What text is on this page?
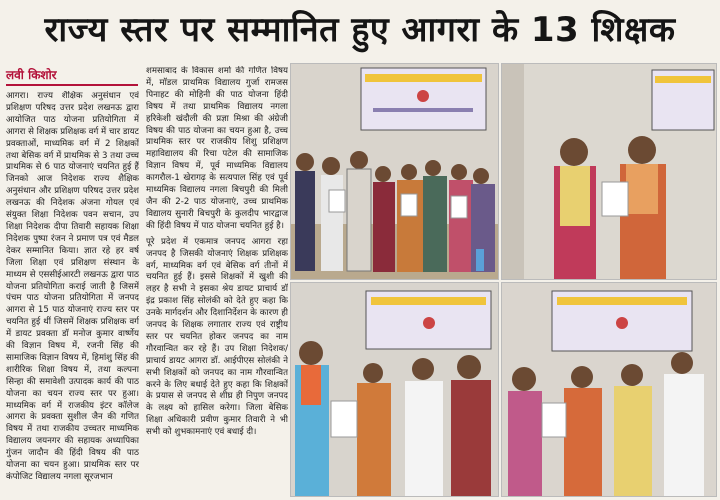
राज्य स्तर पर सम्मानित हुए आगरा के 13 शिक्षक
लवी किशोर

आगरा। राज्य शैक्षिक अनुसंधान एवं प्रशिक्षण परिषद उत्तर प्रदेश लखनऊ द्वारा आयोजित पाठ योजना प्रतियोगिता में आगरा से शिक्षक प्रशिक्षक वर्ग में चार डायट प्रवक्ताओं, माध्यमिक वर्ग में 2 शिक्षकों तथा बेसिक वर्ग में प्राथमिक से 3 तथा उच्च प्राथमिक से 6 पाठ योजनाएं चयनित हुई हैं जिनको आज निदेशक राज्य शैक्षिक अनुसंधान और प्रशिक्षण परिषद उत्तर प्रदेश लखनऊ की निदेशक अंजना गोयल एवं संयुक्त शिक्षा निदेशक पवन सचान, उप शिक्षा निदेशक दीपा तिवारी सहायक शिक्षा निदेशक पुष्पा रंजन ने प्रमाण पत्र एवं मैडल देकर सम्मानित किया। ज्ञात रहे हर वर्ष जिला शिक्षा एवं प्रशिक्षण संस्थान के माध्यम से एससीईआरटी लखनऊ द्वारा पाठ योजना प्रतियोगिता कराई जाती है जिसमें पंचम पाठ योजना प्रतियोगिता में जनपद आगरा से 15 पाठ योजनाएं राज्य स्तर पर चयनित हुई थीं जिसमें शिक्षक प्रशिक्षक वर्ग में डायट प्रवक्ता डॉ मनोज कुमार वार्ष्णेय की विज्ञान विषय में, रजनी सिंह की सामाजिक विज्ञान विषय में, हिमांशु सिंह की शारीरिक शिक्षा विषय में, तथा कल्पना सिन्हा की समावेशी उत्पादक कार्य की पाठ योजना का चयन राज्य स्तर पर हुआ। माध्यमिक वर्ग में राजकीय इंटर कॉलेज आगरा के प्रवक्ता सुशील जैन की गणित विषय में तथा राजकीय उच्चतर माध्यमिक विद्यालय जयनगर की सहायक अध्यापिका गुंजन जादौन की हिंदी विषय की पाठ योजना का चयन हुआ। प्राथमिक स्तर पर कंपोजिट विद्यालय नगला सूरजभान

शमसाबाद के विकास शर्मा की गणित विषय में, मॉडल प्राथमिक विद्यालय गुर्जा रामजस पिनाहट की मोहिनी की पाठ योजना हिंदी विषय में तथा प्राथमिक विद्यालय नगला हरिकेशी खंदौली की प्रज्ञा मिश्रा की अंग्रेजी विषय की पाठ योजना का चयन हुआ है, उच्च प्राथमिक स्तर पर राजकीय शिशु प्रशिक्षण महाविद्यालय की रिचा पटेल की सामाजिक विज्ञान विषय में, पूर्व माध्यमिक विद्यालय कागरौल-1 खेरागढ़ के सत्यपाल सिंह एवं पूर्व माध्यमिक विद्यालय नगला बिचपुरी की मिली जैन की 2-2 पाठ योजनाएं, उच्च प्राथमिक विद्यालय सुनारी बिचपुरी के कुलदीप भारद्वाज की हिंदी विषय में पाठ योजना चयनित हुई है।

पूरे प्रदेश में एकमात्र जनपद आगरा रहा जनपद है जिसकी योजनाएं शिक्षक प्रशिक्षक वर्ग, माध्यमिक वर्ग एवं बेसिक वर्ग तीनों में चयनित हुई हैं। इससे शिक्षकों में खुशी की लहर है सभी ने इसका श्रेय डायट प्राचार्य डॉ इंद्र प्रकाश सिंह सोलंकी को देते हुए कहा कि उनके मार्गदर्शन और दिशानिर्देशन के कारण ही जनपद के शिक्षक लगातार राज्य एवं राष्ट्रीय स्तर पर चयनित होकर जनपद का नाम गौरवान्वित कर रहे हैं। उप शिक्षा निदेशक/ प्राचार्य डायट आगरा डॉ. आईपीएस सोलंकी ने सभी शिक्षकों को जनपद का नाम गौरवान्वित करने के लिए बधाई देते हुए कहा कि शिक्षकों के प्रयास से जनपद से शीघ्र ही निपुण जनपद के लक्ष्य को हासिल करेगा। जिला बेसिक शिक्षा अधिकारी प्रवीण कुमार तिवारी ने भी सभी को शुभकामनाएं एवं बधाई दी।
